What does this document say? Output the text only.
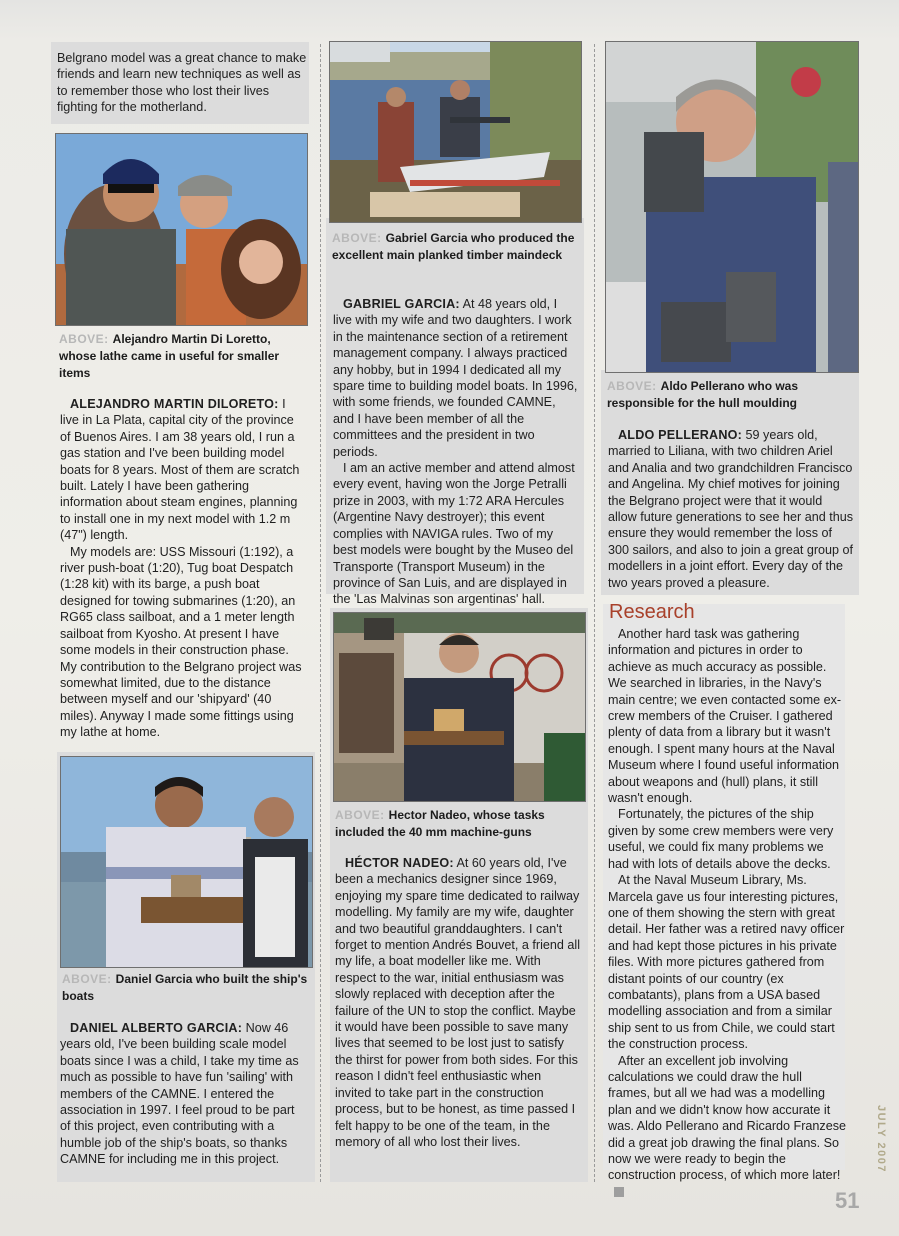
Belgrano model was a great chance to make friends and learn new techniques as well as to remember those who lost their lives fighting for the motherland.
ABOVE: Alejandro Martin Di Loretto, whose lathe came in useful for smaller items

ALEJANDRO MARTIN DILORETO: I live in La Plata, capital city of the province of Buenos Aires. I am 38 years old, I run a gas station and I've been building model boats for 8 years. Most of them are scratch built. Lately I have been gathering information about steam engines, planning to install one in my next model with 1.2 m (47") length.

My models are: USS Missouri (1:192), a river push-boat (1:20), Tug boat Despatch (1:28 kit) with its barge, a push boat designed for towing submarines (1:20), an RG65 class sailboat, and a 1 meter length sailboat from Kyosho. At present I have some models in their construction phase. My contribution to the Belgrano project was somewhat limited, due to the distance between myself and our 'shipyard' (40 miles). Anyway I made some fittings using my lathe at home.

ABOVE: Daniel Garcia who built the ship's boats

DANIEL ALBERTO GARCIA: Now 46 years old, I've been building scale model boats since I was a child, I take my time as much as possible to have fun 'sailing' with members of the CAMNE. I entered the association in 1997. I feel proud to be part of this project, even contributing with a humble job of the ship's boats, so thanks CAMNE for including me in this project.

ABOVE: Gabriel Garcia who produced the excellent main planked timber maindeck

GABRIEL GARCIA: At 48 years old, I live with my wife and two daughters. I work in the maintenance section of a retirement management company. I always practiced any hobby, but in 1994 I dedicated all my spare time to building model boats. In 1996, with some friends, we founded CAMNE, and I have been member of all the committees and the president in two periods.

I am an active member and attend almost every event, having won the Jorge Petralli prize in 2003, with my 1:72 ARA Hercules (Argentine Navy destroyer); this event complies with NAVIGA rules. Two of my best models were bought by the Museo del Transporte (Transport Museum) in the province of San Luis, and are displayed in the 'Las Malvinas son argentinas' hall.

ABOVE: Hector Nadeo, whose tasks included the 40 mm machine-guns

HÉCTOR NADEO: At 60 years old, I've been a mechanics designer since 1969, enjoying my spare time dedicated to railway modelling. My family are my wife, daughter and two beautiful granddaughters. I can't forget to mention Andrés Bouvet, a friend all my life, a boat modeller like me. With respect to the war, initial enthusiasm was slowly replaced with deception after the failure of the UN to stop the conflict. Maybe it would have been possible to save many lives that seemed to be lost just to satisfy the thirst for power from both sides. For this reason I didn't feel enthusiastic when invited to take part in the construction process, but to be honest, as time passed I felt happy to be one of the team, in the memory of all who lost their lives.

ABOVE: Aldo Pellerano who was responsible for the hull moulding

ALDO PELLERANO: 59 years old, married to Liliana, with two children Ariel and Analia and two grandchildren Francisco and Angelina. My chief motives for joining the Belgrano project were that it would allow future generations to see her and thus ensure they would remember the loss of 300 sailors, and also to join a great group of modellers in a joint effort. Every day of the two years proved a pleasure.

Research

Another hard task was gathering information and pictures in order to achieve as much accuracy as possible. We searched in libraries, in the Navy's main centre; we even contacted some ex-crew members of the Cruiser. I gathered plenty of data from a library but it wasn't enough. I spent many hours at the Naval Museum where I found useful information about weapons and (hull) plans, it still wasn't enough.

Fortunately, the pictures of the ship given by some crew members were very useful, we could fix many problems we had with lots of details above the decks.

At the Naval Museum Library, Ms. Marcela gave us four interesting pictures, one of them showing the stern with great detail. Her father was a retired navy officer and had kept those pictures in his private files. With more pictures gathered from distant points of our country (ex combatants), plans from a USA based modelling association and from a similar ship sent to us from Chile, we could start the construction process.

After an excellent job involving calculations we could draw the hull frames, but all we had was a modelling plan and we didn't know how accurate it was. Aldo Pellerano and Ricardo Franzese did a great job drawing the final plans. So now we were ready to begin the construction process, of which more later!

JULY 2007
51
